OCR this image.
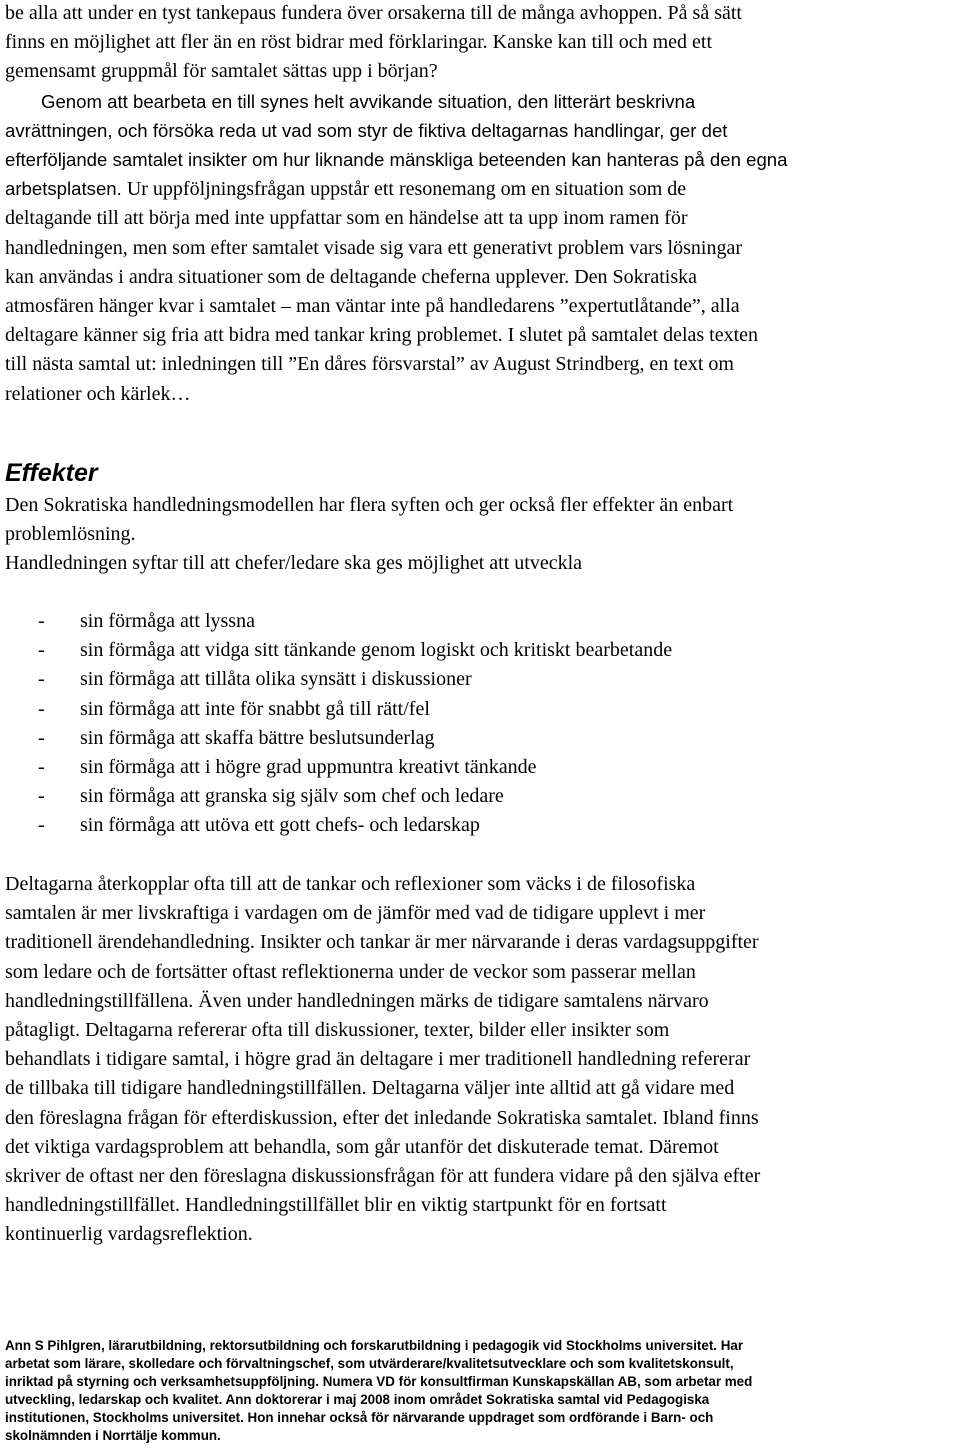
be alla att under en tyst tankepaus fundera över orsakerna till de många avhoppen. På så sätt
finns en möjlighet att fler än en röst bidrar med förklaringar. Kanske kan till och med ett
gemensamt gruppmål för samtalet sättas upp i början?
Genom att bearbeta en till synes helt avvikande situation, den litterärt beskrivna
avrättningen, och försöka reda ut vad som styr de fiktiva deltagarnas handlingar, ger det
efterföljande samtalet insikter om hur liknande mänskliga beteenden kan hanteras på den egna
arbetsplatsen. Ur uppföljningsfrågan uppstår ett resonemang om en situation som de
deltagande till att börja med inte uppfattar som en händelse att ta upp inom ramen för
handledningen, men som efter samtalet visade sig vara ett generativt problem vars lösningar
kan användas i andra situationer som de deltagande cheferna upplever. Den Sokratiska
atmosfären hänger kvar i samtalet – man väntar inte på handledarens ”expertutlåtande”, alla
deltagare känner sig fria att bidra med tankar kring problemet. I slutet på samtalet delas texten
till nästa samtal ut: inledningen till ”En dåres försvarstal” av August Strindberg, en text om
relationer och kärlek…
Effekter
Den Sokratiska handledningsmodellen har flera syften och ger också fler effekter än enbart
problemlösning.
Handledningen syftar till att chefer/ledare ska ges möjlighet att utveckla
- sin förmåga att lyssna
- sin förmåga att vidga sitt tänkande genom logiskt och kritiskt bearbetande
- sin förmåga att tillåta olika synsätt i diskussioner
- sin förmåga att inte för snabbt gå till rätt/fel
- sin förmåga att skaffa bättre beslutsunderlag
- sin förmåga att i högre grad uppmuntra kreativt tänkande
- sin förmåga att granska sig själv som chef och ledare
- sin förmåga att utöva ett gott chefs- och ledarskap
Deltagarna återkopplar ofta till att de tankar och reflexioner som väcks i de filosofiska
samtalen är mer livskraftiga i vardagen om de jämför med vad de tidigare upplevt i mer
traditionell ärendehandledning. Insikter och tankar är mer närvarande i deras vardagsuppgifter
som ledare och de fortsätter oftast reflektionerna under de veckor som passerar mellan
handledningstillfällena. Även under handledningen märks de tidigare samtalens närvaro
påtagligt. Deltagarna refererar ofta till diskussioner, texter, bilder eller insikter som
behandlats i tidigare samtal, i högre grad än deltagare i mer traditionell handledning refererar
de tillbaka till tidigare handledningstillfällen. Deltagarna väljer inte alltid att gå vidare med
den föreslagna frågan för efterdiskussion, efter det inledande Sokratiska samtalet. Ibland finns
det viktiga vardagsproblem att behandla, som går utanför det diskuterade temat. Däremot
skriver de oftast ner den föreslagna diskussionsfrågan för att fundera vidare på den själva efter
handledningstillfället. Handledningstillfället blir en viktig startpunkt för en fortsatt
kontinuerlig vardagsreflektion.
Ann S Pihlgren, lärarutbildning, rektorsutbildning och forskarutbildning i pedagogik vid Stockholms universitet. Har
arbetat som lärare, skolledare och förvaltningschef, som utvärderare/kvalitetsutvecklare och som kvalitetskonsult,
inriktad på styrning och verksamhetsuppföljning. Numera VD för konsultfirman Kunskapskällan AB, som arbetar med
utveckling, ledarskap och kvalitet. Ann doktorerar i maj 2008 inom området Sokratiska samtal vid Pedagogiska
institutionen, Stockholms universitet. Hon innehar också för närvarande uppdraget som ordförande i Barn- och
skolnämnden i Norrtälje kommun.
